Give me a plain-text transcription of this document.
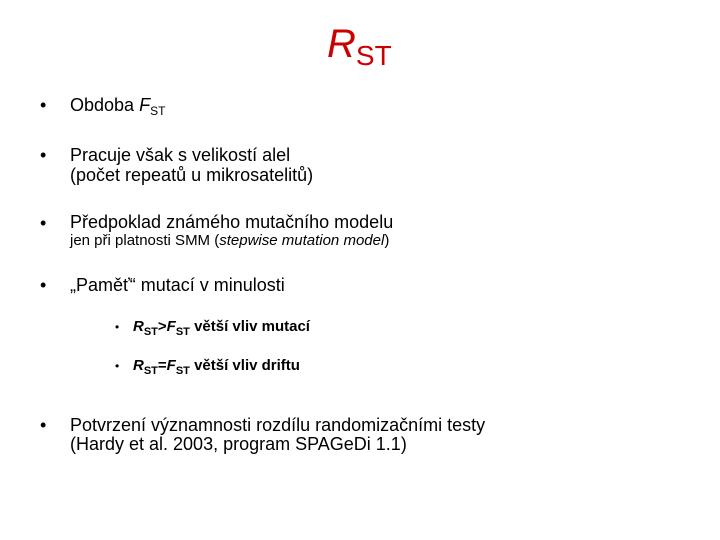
RST
• Obdoba $F_{ST}$
• Pracuje však s velikostí alel
(počet repeatů u mikrosatelitů)
• Předpoklad známého mutačního modelu
jen při platnosti SMM (stepwise mutation model)
• „Paměť“ mutací v minulosti
• $R_{ST}>F_{ST}$ větší vliv mutací
• $R_{ST}=F_{ST}$ větší vliv driftu
• Potvrzení významnosti rozdílu randomizačními testy
(Hardy et al. 2003, program SPAGeDi 1.1)
